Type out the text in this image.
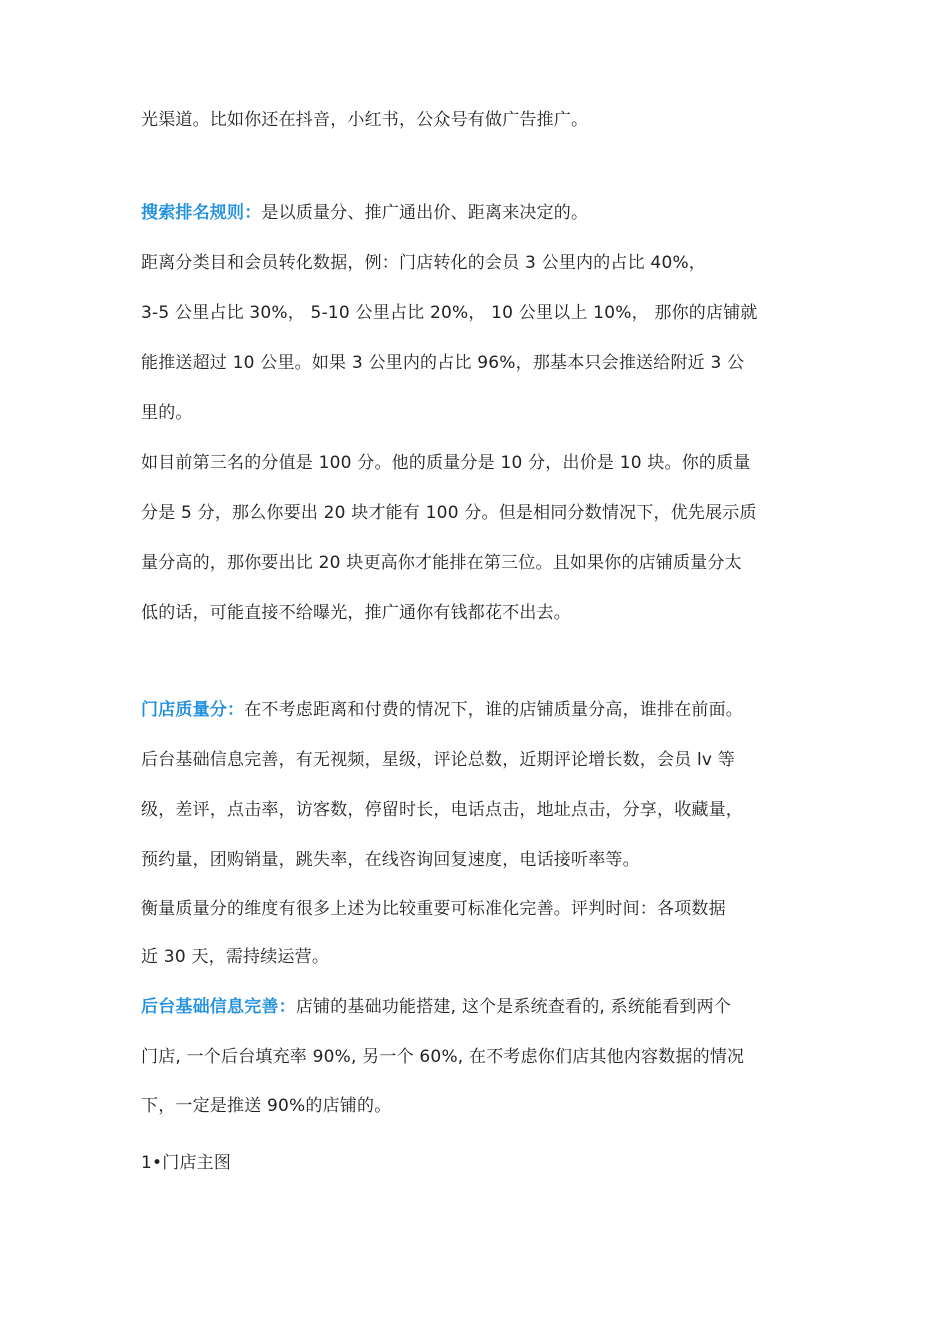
光渠道。比如你还在抖音，小红书，公众号有做广告推广。
搜索排名规则：是以质量分、推广通出价、距离来决定的。
距离分类目和会员转化数据，例：门店转化的会员 3 公里内的占比 40%，
3-5 公里占比 30%， 5-10 公里占比 20%， 10 公里以上 10%， 那你的店铺就
能推送超过 10 公里。如果 3 公里内的占比 96%，那基本只会推送给附近 3 公
里的。
如目前第三名的分值是 100 分。他的质量分是 10 分，出价是 10 块。你的质量
分是 5 分，那么你要出 20 块才能有 100 分。但是相同分数情况下，优先展示质
量分高的，那你要出比 20 块更高你才能排在第三位。且如果你的店铺质量分太
低的话，可能直接不给曝光，推广通你有钱都花不出去。
门店质量分：在不考虑距离和付费的情况下，谁的店铺质量分高，谁排在前面。
后台基础信息完善，有无视频，星级，评论总数，近期评论增长数，会员 lv 等
级，差评，点击率，访客数，停留时长，电话点击，地址点击，分享，收藏量，
预约量，团购销量，跳失率，在线咨询回复速度，电话接听率等。
衡量质量分的维度有很多上述为比较重要可标准化完善。评判时间：各项数据
近 30 天，需持续运营。
后台基础信息完善：店铺的基础功能搭建, 这个是系统查看的, 系统能看到两个
门店, 一个后台填充率 90%, 另一个 60%, 在不考虑你们店其他内容数据的情况
下，一定是推送 90%的店铺的。
1•门店主图
